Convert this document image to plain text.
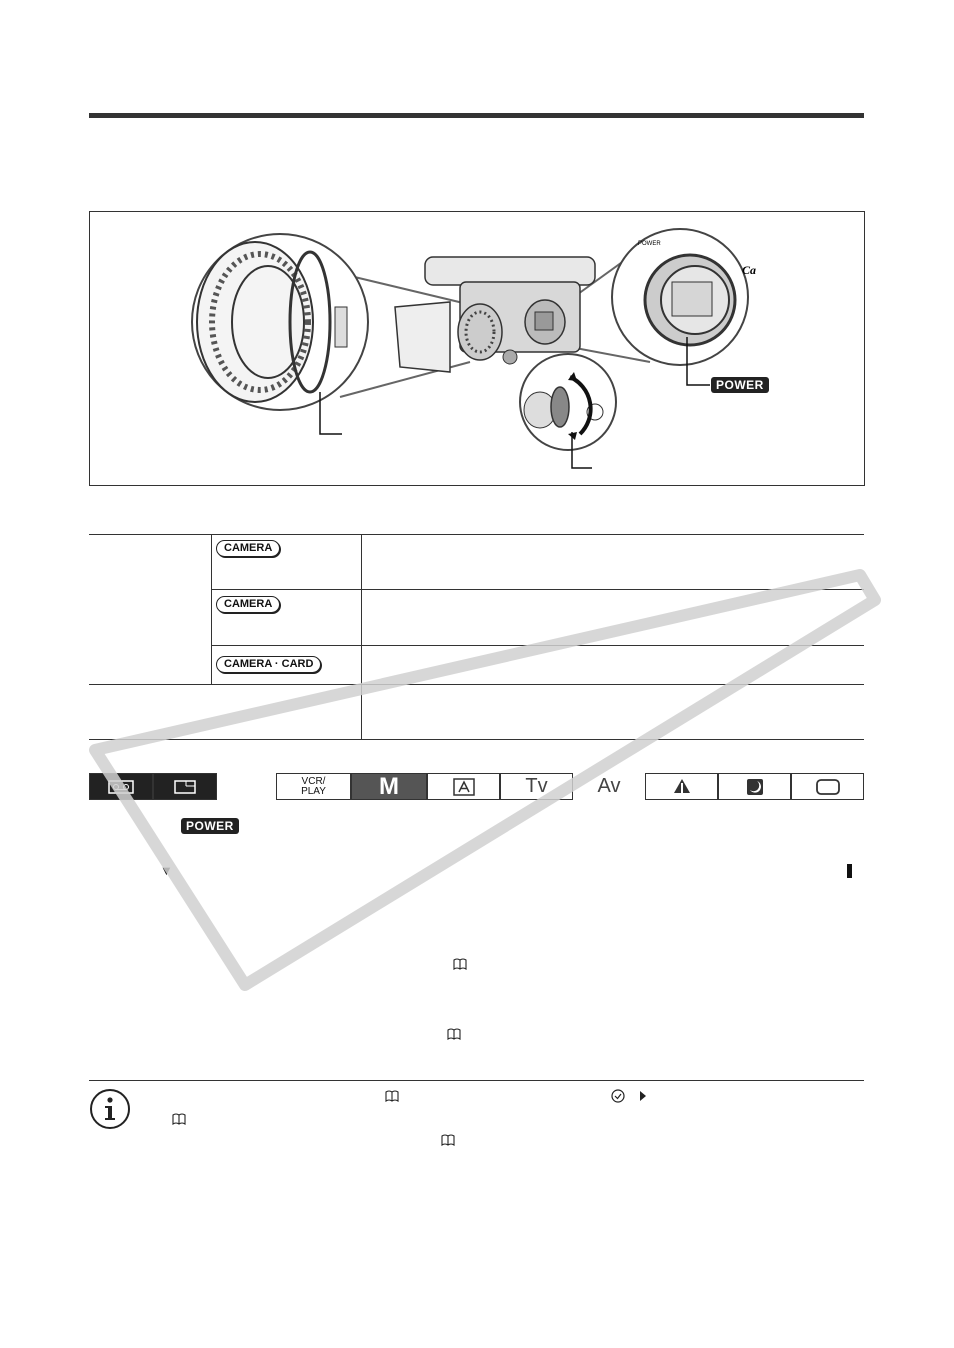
POWER
Ca
POWER
CAMERA
CAMERA
CAMERA · CARD
VCR/
PLAY M	Tv Av
POWER
▼
